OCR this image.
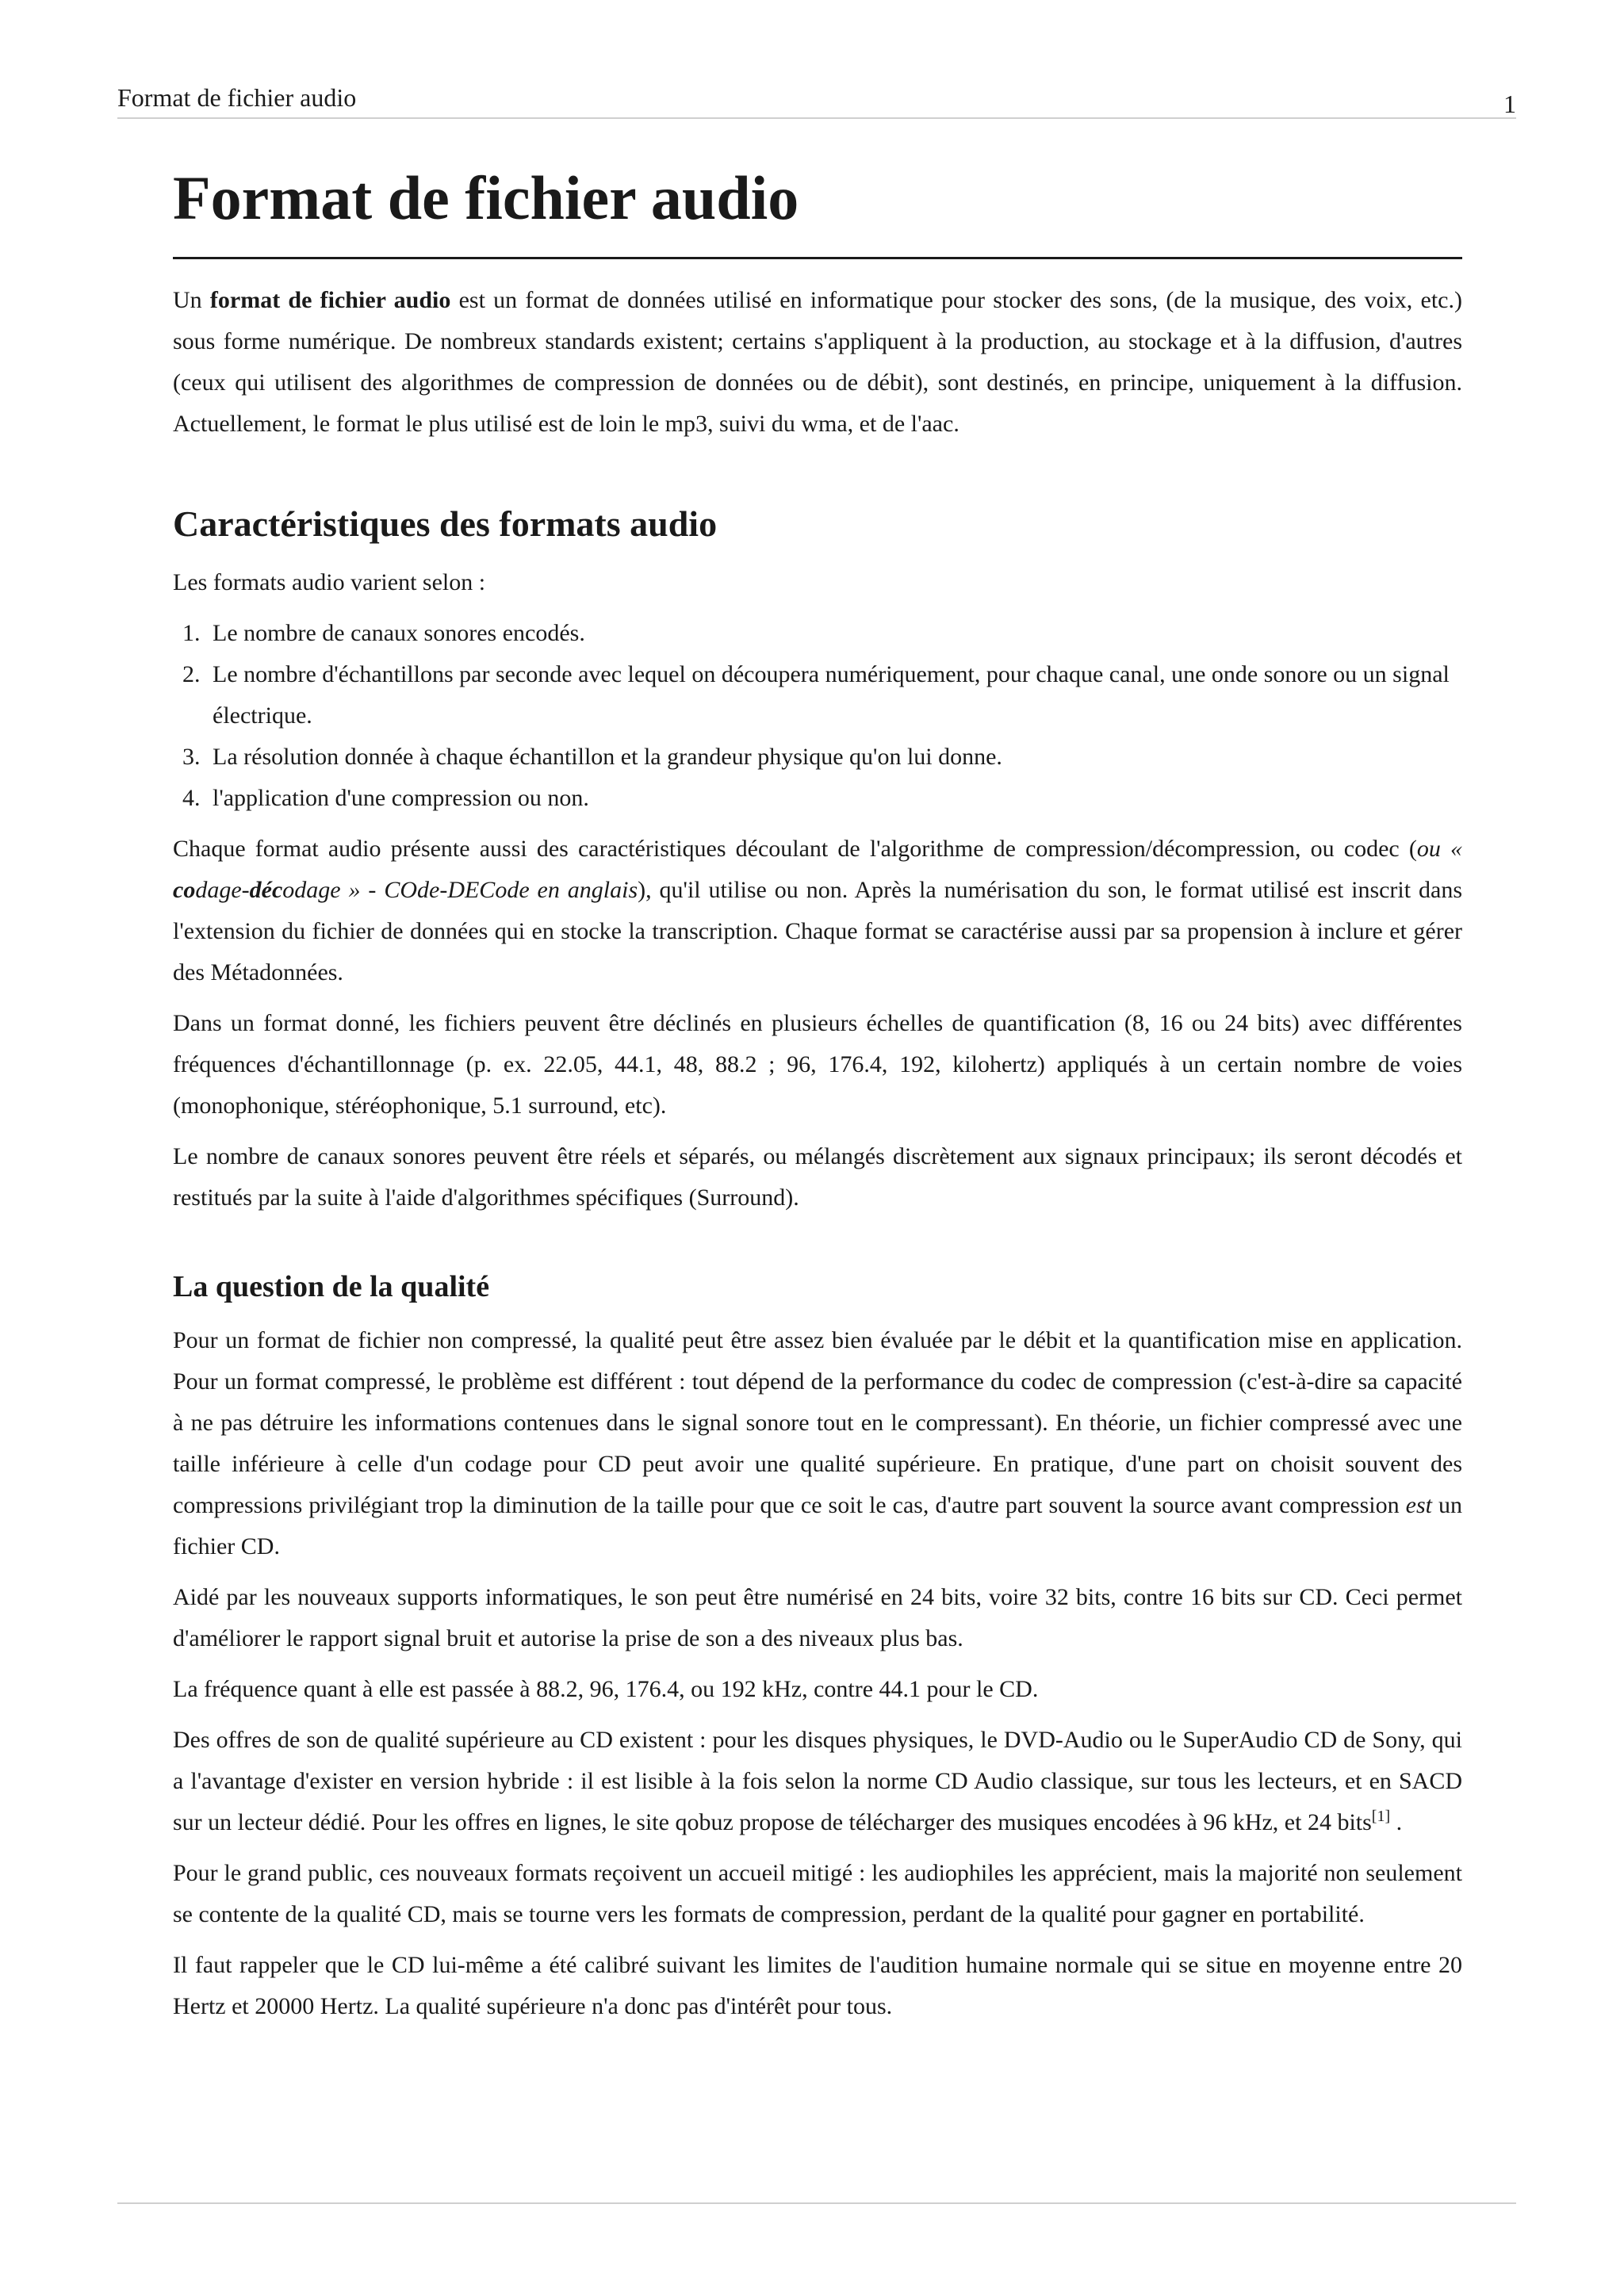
Format de fichier audio	1
Format de fichier audio

Un format de fichier audio est un format de données utilisé en informatique pour stocker des sons, (de la musique, des voix, etc.) sous forme numérique. De nombreux standards existent; certains s'appliquent à la production, au stockage et à la diffusion, d'autres (ceux qui utilisent des algorithmes de compression de données ou de débit), sont destinés, en principe, uniquement à la diffusion. Actuellement, le format le plus utilisé est de loin le mp3, suivi du wma, et de l'aac.

Caractéristiques des formats audio

Les formats audio varient selon :

1. Le nombre de canaux sonores encodés.
2. Le nombre d'échantillons par seconde avec lequel on découpera numériquement, pour chaque canal, une onde sonore ou un signal électrique.
3. La résolution donnée à chaque échantillon et la grandeur physique qu'on lui donne.
4. l'application d'une compression ou non.

Chaque format audio présente aussi des caractéristiques découlant de l'algorithme de compression/décompression, ou codec (ou « codage-décodage » - COde-DECode en anglais), qu'il utilise ou non. Après la numérisation du son, le format utilisé est inscrit dans l'extension du fichier de données qui en stocke la transcription. Chaque format se caractérise aussi par sa propension à inclure et gérer des Métadonnées.

Dans un format donné, les fichiers peuvent être déclinés en plusieurs échelles de quantification (8, 16 ou 24 bits) avec différentes fréquences d'échantillonnage (p. ex. 22.05, 44.1, 48, 88.2 ; 96, 176.4, 192, kilohertz) appliqués à un certain nombre de voies (monophonique, stéréophonique, 5.1 surround, etc).

Le nombre de canaux sonores peuvent être réels et séparés, ou mélangés discrètement aux signaux principaux; ils seront décodés et restitués par la suite à l'aide d'algorithmes spécifiques (Surround).

La question de la qualité

Pour un format de fichier non compressé, la qualité peut être assez bien évaluée par le débit et la quantification mise en application. Pour un format compressé, le problème est différent : tout dépend de la performance du codec de compression (c'est-à-dire sa capacité à ne pas détruire les informations contenues dans le signal sonore tout en le compressant). En théorie, un fichier compressé avec une taille inférieure à celle d'un codage pour CD peut avoir une qualité supérieure. En pratique, d'une part on choisit souvent des compressions privilégiant trop la diminution de la taille pour que ce soit le cas, d'autre part souvent la source avant compression est un fichier CD.

Aidé par les nouveaux supports informatiques, le son peut être numérisé en 24 bits, voire 32 bits, contre 16 bits sur CD. Ceci permet d'améliorer le rapport signal bruit et autorise la prise de son a des niveaux plus bas.

La fréquence quant à elle est passée à 88.2, 96, 176.4, ou 192 kHz, contre 44.1 pour le CD.

Des offres de son de qualité supérieure au CD existent : pour les disques physiques, le DVD-Audio ou le SuperAudio CD de Sony, qui a l'avantage d'exister en version hybride : il est lisible à la fois selon la norme CD Audio classique, sur tous les lecteurs, et en SACD sur un lecteur dédié. Pour les offres en lignes, le site qobuz propose de télécharger des musiques encodées à 96 kHz, et 24 bits[1] .

Pour le grand public, ces nouveaux formats reçoivent un accueil mitigé : les audiophiles les apprécient, mais la majorité non seulement se contente de la qualité CD, mais se tourne vers les formats de compression, perdant de la qualité pour gagner en portabilité.

Il faut rappeler que le CD lui-même a été calibré suivant les limites de l'audition humaine normale qui se situe en moyenne entre 20 Hertz et 20000 Hertz. La qualité supérieure n'a donc pas d'intérêt pour tous.
